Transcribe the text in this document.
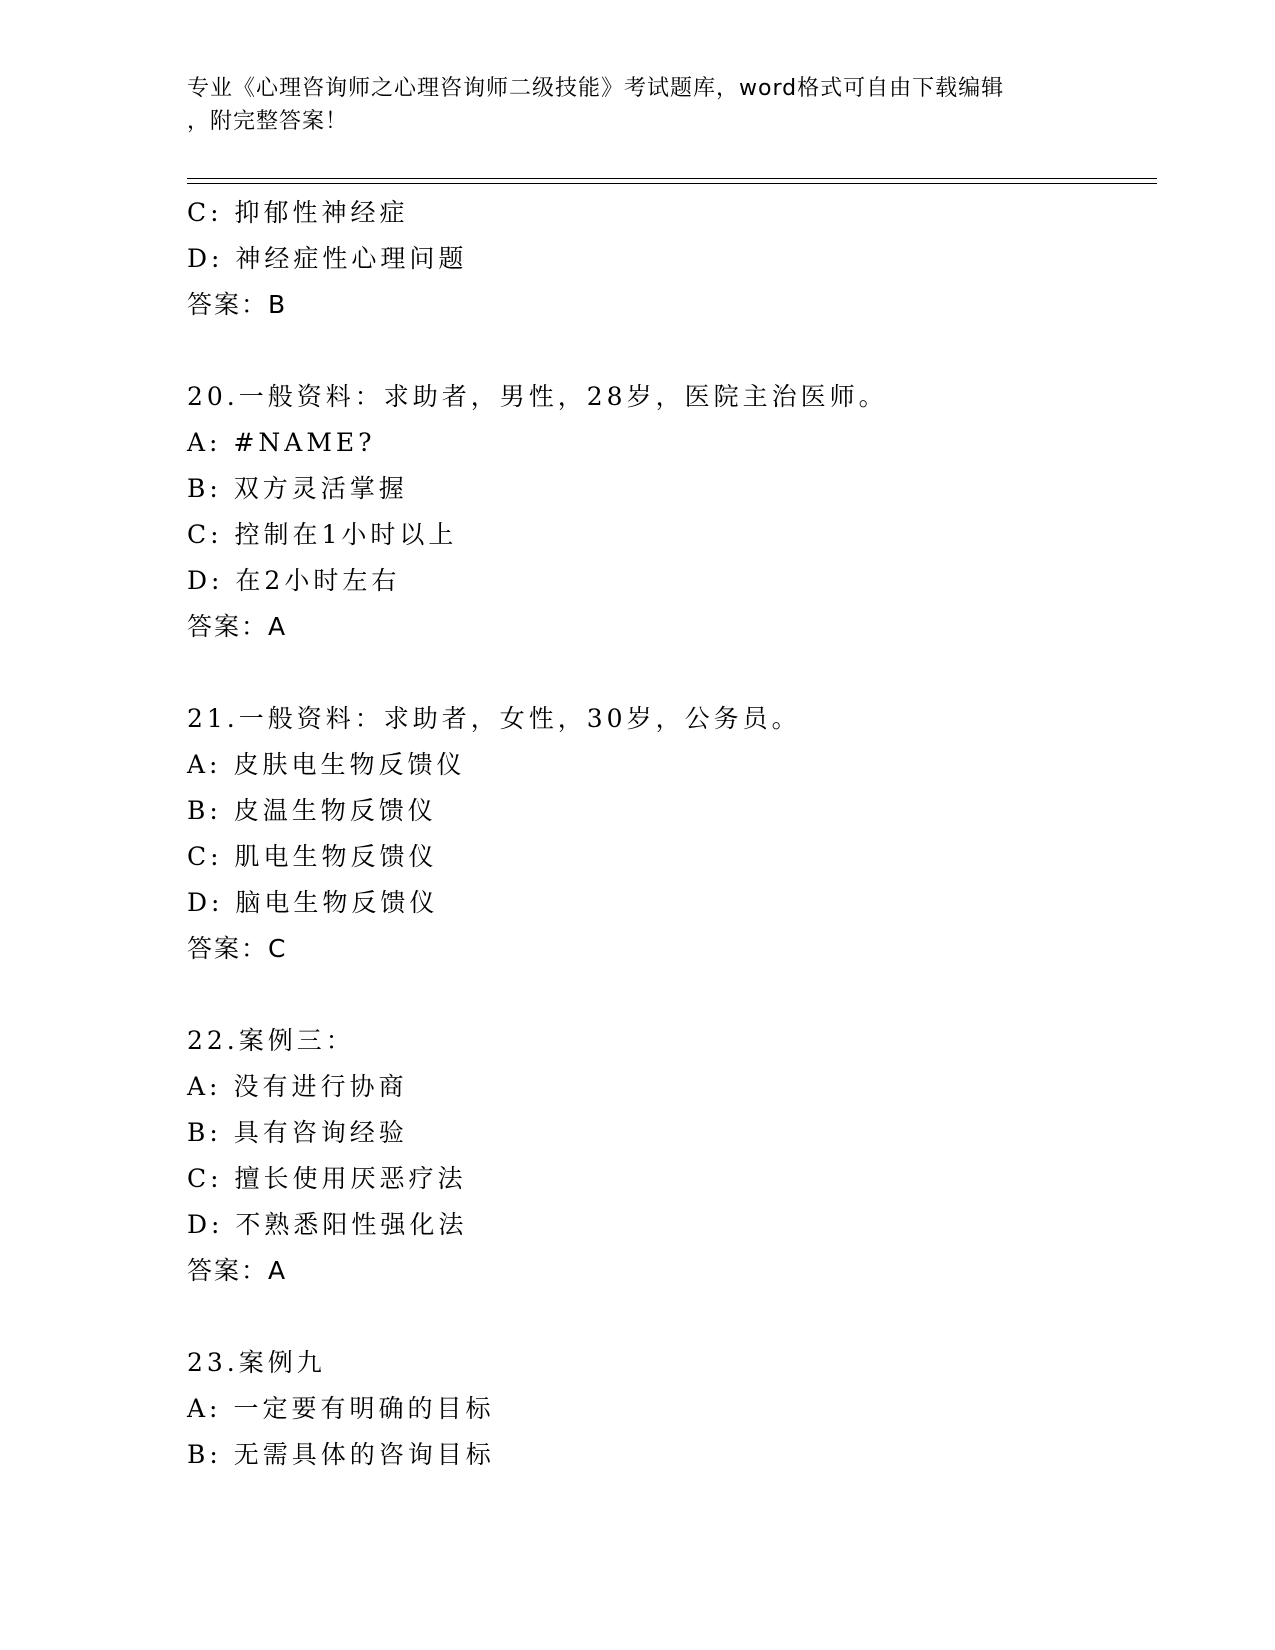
专业《心理咨询师之心理咨询师二级技能》考试题库，word格式可自由下载编辑
，附完整答案！
C: 抑郁性神经症
D: 神经症性心理问题
答案：B
20.一般资料：求助者，男性，28岁，医院主治医师。
A: #NAME?
B: 双方灵活掌握
C: 控制在1小时以上
D: 在2小时左右
答案：A
21.一般资料：求助者，女性，30岁，公务员。
A: 皮肤电生物反馈仪
B: 皮温生物反馈仪
C: 肌电生物反馈仪
D: 脑电生物反馈仪
答案：C
22.案例三：
A: 没有进行协商
B: 具有咨询经验
C: 擅长使用厌恶疗法
D: 不熟悉阳性强化法
答案：A
23.案例九
A: 一定要有明确的目标
B: 无需具体的咨询目标
